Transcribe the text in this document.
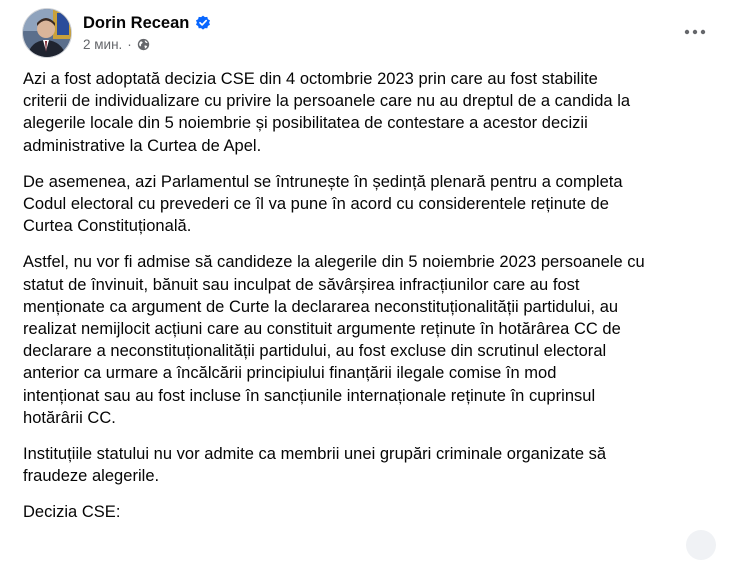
Dorin Recean
2 мин. ·
Azi a fost adoptată decizia CSE din 4 octombrie 2023 prin care au fost stabilite
criterii de individualizare cu privire la persoanele care nu au dreptul de a candida la
alegerile locale din 5 noiembrie și posibilitatea de contestare a acestor decizii
administrative la Curtea de Apel.
De asemenea, azi Parlamentul se întrunește în ședință plenară pentru a completa
Codul electoral cu prevederi ce îl va pune în acord cu considerentele reținute de
Curtea Constituțională.
Astfel, nu vor fi admise să candideze la alegerile din 5 noiembrie 2023 persoanele cu
statut de învinuit, bănuit sau inculpat de săvârșirea infracțiunilor care au fost
menționate ca argument de Curte la declararea neconstituționalității partidului, au
realizat nemijlocit acțiuni care au constituit argumente reținute în hotărârea CC de
declarare a neconstituționalității partidului, au fost excluse din scrutinul electoral
anterior ca urmare a încălcării principiului finanțării ilegale comise în mod
intenționat sau au fost incluse în sancțiunile internaționale reținute în cuprinsul
hotărârii CC.
Instituțiile statului nu vor admite ca membrii unei grupări criminale organizate să
fraudeze alegerile.
Decizia CSE:
